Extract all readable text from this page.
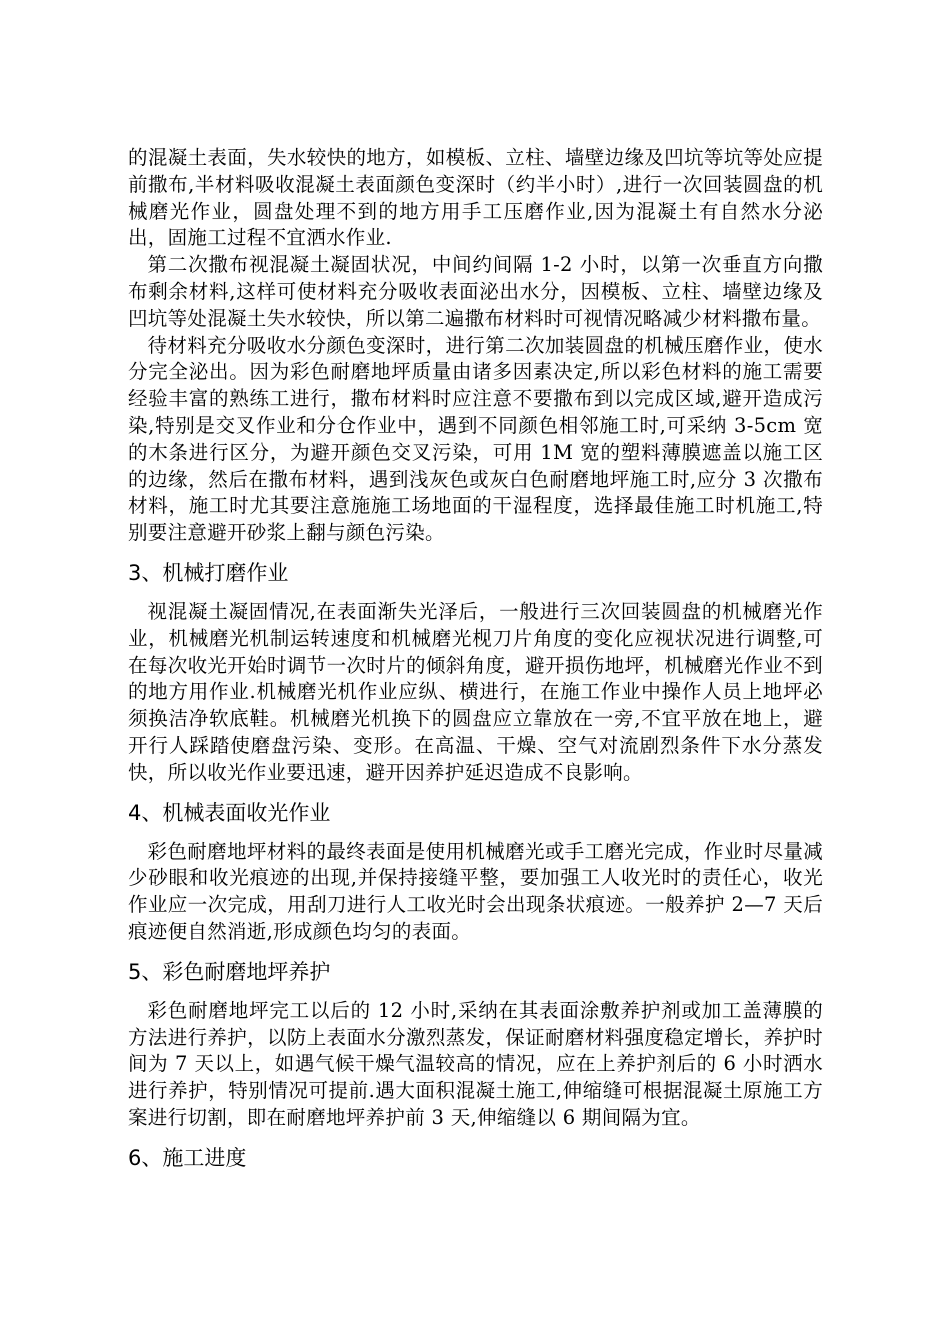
的混凝土表面，失水较快的地方，如模板、立柱、墙壁边缘及凹坑等坑等处应提前撒布,半材料吸收混凝土表面颜色变深时（约半小时）,进行一次回装圆盘的机械磨光作业，圆盘处理不到的地方用手工压磨作业,因为混凝土有自然水分泌出，固施工过程不宜洒水作业.

第二次撒布视混凝土凝固状况，中间约间隔 1-2 小时，以第一次垂直方向撒布剩余材料,这样可使材料充分吸收表面泌出水分，因模板、立柱、墙壁边缘及凹坑等处混凝土失水较快，所以第二遍撒布材料时可视情况略减少材料撒布量。

待材料充分吸收水分颜色变深时，进行第二次加装圆盘的机械压磨作业，使水分完全泌出。因为彩色耐磨地坪质量由诸多因素决定,所以彩色材料的施工需要经验丰富的熟练工进行，撒布材料时应注意不要撒布到以完成区域,避开造成污染,特别是交叉作业和分仓作业中，遇到不同颜色相邻施工时,可采纳 3-5cm 宽的木条进行区分，为避开颜色交叉污染，可用 1M 宽的塑料薄膜遮盖以施工区的边缘，然后在撒布材料，遇到浅灰色或灰白色耐磨地坪施工时,应分 3 次撒布材料，施工时尤其要注意施施工场地面的干湿程度，选择最佳施工时机施工,特别要注意避开砂浆上翻与颜色污染。

3、机械打磨作业

视混凝土凝固情况,在表面渐失光泽后，一般进行三次回装圆盘的机械磨光作业，机械磨光机制运转速度和机械磨光枧刀片角度的变化应视状况进行调整,可在每次收光开始时调节一次时片的倾斜角度，避开损伤地坪，机械磨光作业不到的地方用作业.机械磨光机作业应纵、横进行，在施工作业中操作人员上地坪必须换洁净软底鞋。机械磨光机换下的圆盘应立靠放在一旁,不宜平放在地上，避开行人踩踏使磨盘污染、变形。在高温、干燥、空气对流剧烈条件下水分蒸发快，所以收光作业要迅速，避开因养护延迟造成不良影响。

4、机械表面收光作业

彩色耐磨地坪材料的最终表面是使用机械磨光或手工磨光完成，作业时尽量减少砂眼和收光痕迹的出现,并保持接缝平整，要加强工人收光时的责任心，收光作业应一次完成，用刮刀进行人工收光时会出现条状痕迹。一般养护 2—7 天后痕迹便自然消逝,形成颜色均匀的表面。

5、彩色耐磨地坪养护

彩色耐磨地坪完工以后的 12 小时,采纳在其表面涂敷养护剂或加工盖薄膜的方法进行养护，以防上表面水分激烈蒸发，保证耐磨材料强度稳定增长，养护时间为 7 天以上，如遇气候干燥气温较高的情况，应在上养护剂后的 6 小时洒水进行养护，特别情况可提前.遇大面积混凝土施工,伸缩缝可根据混凝土原施工方案进行切割，即在耐磨地坪养护前 3 天,伸缩缝以 6 期间隔为宜。

6、施工进度
